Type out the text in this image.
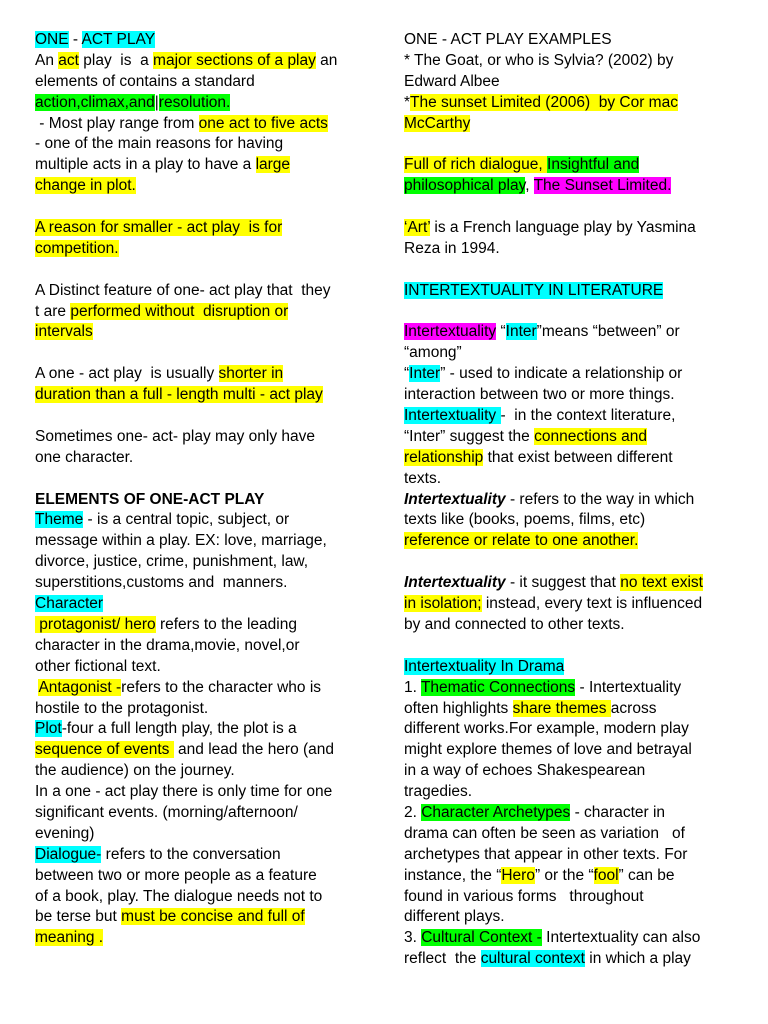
ONE - ACT PLAY
An act play  is  a major sections of a play an
elements of contains a standard
action,climax,and|resolution.
- Most play range from one act to five acts
- one of the main reasons for having
multiple acts in a play to have a large
change in plot.
A reason for smaller - act play  is for
competition.
A Distinct feature of one- act play that  they
t are performed without  disruption or
intervals
A one - act play  is usually shorter in
duration than a full - length multi - act play
Sometimes one- act- play may only have
one character.
ELEMENTS OF ONE-ACT PLAY
Theme - is a central topic, subject, or
message within a play. EX: love, marriage,
divorce, justice, crime, punishment, law,
superstitions,customs and  manners.
Character
protagonist/ hero refers to the leading
character in the drama,movie, novel,or
other fictional text.
Antagonist -refers to the character who is
hostile to the protagonist.
Plot-four a full length play, the plot is a
sequence of events  and lead the hero (and
the audience) on the journey.
In a one - act play there is only time for one
significant events. (morning/afternoon/
evening)
Dialogue- refers to the conversation
between two or more people as a feature
of a book, play. The dialogue needs not to
be terse but must be concise and full of
meaning .
ONE - ACT PLAY EXAMPLES
* The Goat, or who is Sylvia? (2002) by
Edward Albee
*The sunset Limited (2006)  by Cor mac
McCarthy
Full of rich dialogue, Insightful and
philosophical play, The Sunset Limited.
‘Art’ is a French language play by Yasmina
Reza in 1994.
INTERTEXTUALITY IN LITERATURE
Intertextuality “Inter”means “between” or
“among”
“Inter” - used to indicate a relationship or
interaction between two or more things.
Intertextuality -  in the context literature,
“Inter” suggest the connections and
relationship that exist between different
texts.
Intertextuality - refers to the way in which
texts like (books, poems, films, etc)
reference or relate to one another.
Intertextuality - it suggest that no text exist
in isolation; instead, every text is influenced
by and connected to other texts.
Intertextuality In Drama
1. Thematic Connections - Intertextuality
often highlights share themes across
different works.For example, modern play
might explore themes of love and betrayal
in a way of echoes Shakespearean
tragedies.
2. Character Archetypes - character in
drama can often be seen as variation   of
archetypes that appear in other texts. For
instance, the “Hero” or the “fool” can be
found in various forms   throughout
different plays.
3. Cultural Context - Intertextuality can also
reflect  the cultural context in which a play
